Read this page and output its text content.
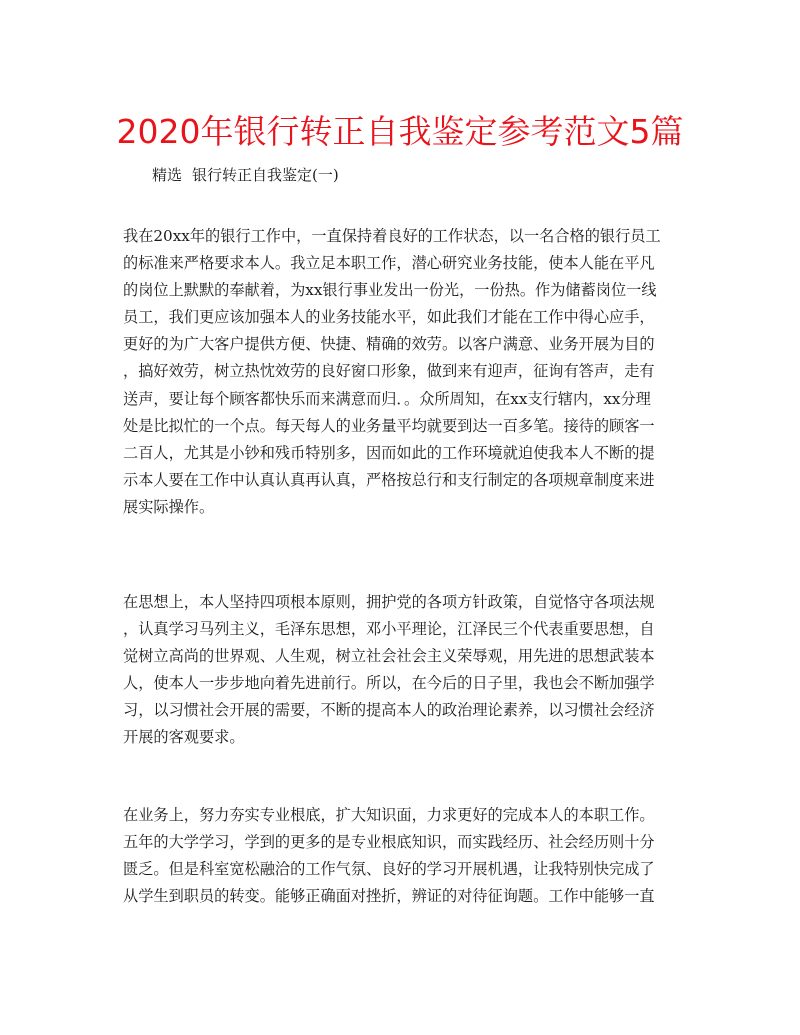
2020年银行转正自我鉴定参考范文5篇
精选 银行转正自我鉴定(一)
我在20xx年的银行工作中，一直保持着良好的工作状态，以一名合格的银行员工
的标准来严格要求本人。我立足本职工作，潜心研究业务技能，使本人能在平凡
的岗位上默默的奉献着，为xx银行事业发出一份光，一份热。作为储蓄岗位一线
员工，我们更应该加强本人的业务技能水平，如此我们才能在工作中得心应手，
更好的为广大客户提供方便、快捷、精确的效劳。以客户满意、业务开展为目的
，搞好效劳，树立热忱效劳的良好窗口形象，做到来有迎声，征询有答声，走有
送声，要让每个顾客都快乐而来满意而归．。众所周知，在xx支行辖内，xx分理
处是比拟忙的一个点。每天每人的业务量平均就要到达一百多笔。接待的顾客一
二百人，尤其是小钞和残币特别多，因而如此的工作环境就迫使我本人不断的提
示本人要在工作中认真认真再认真，严格按总行和支行制定的各项规章制度来进
展实际操作。
在思想上，本人坚持四项根本原则，拥护党的各项方针政策，自觉恪守各项法规
，认真学习马列主义，毛泽东思想，邓小平理论，江泽民三个代表重要思想，自
觉树立高尚的世界观、人生观，树立社会社会主义荣辱观，用先进的思想武装本
人，使本人一步步地向着先进前行。所以，在今后的日子里，我也会不断加强学
习，以习惯社会开展的需要，不断的提高本人的政治理论素养，以习惯社会经济
开展的客观要求。
在业务上，努力夯实专业根底，扩大知识面，力求更好的完成本人的本职工作。
五年的大学学习，学到的更多的是专业根底知识，而实践经历、社会经历则十分
匮乏。但是科室宽松融洽的工作气氛、良好的学习开展机遇，让我特别快完成了
从学生到职员的转变。能够正确面对挫折，辨证的对待征询题。工作中能够一直
